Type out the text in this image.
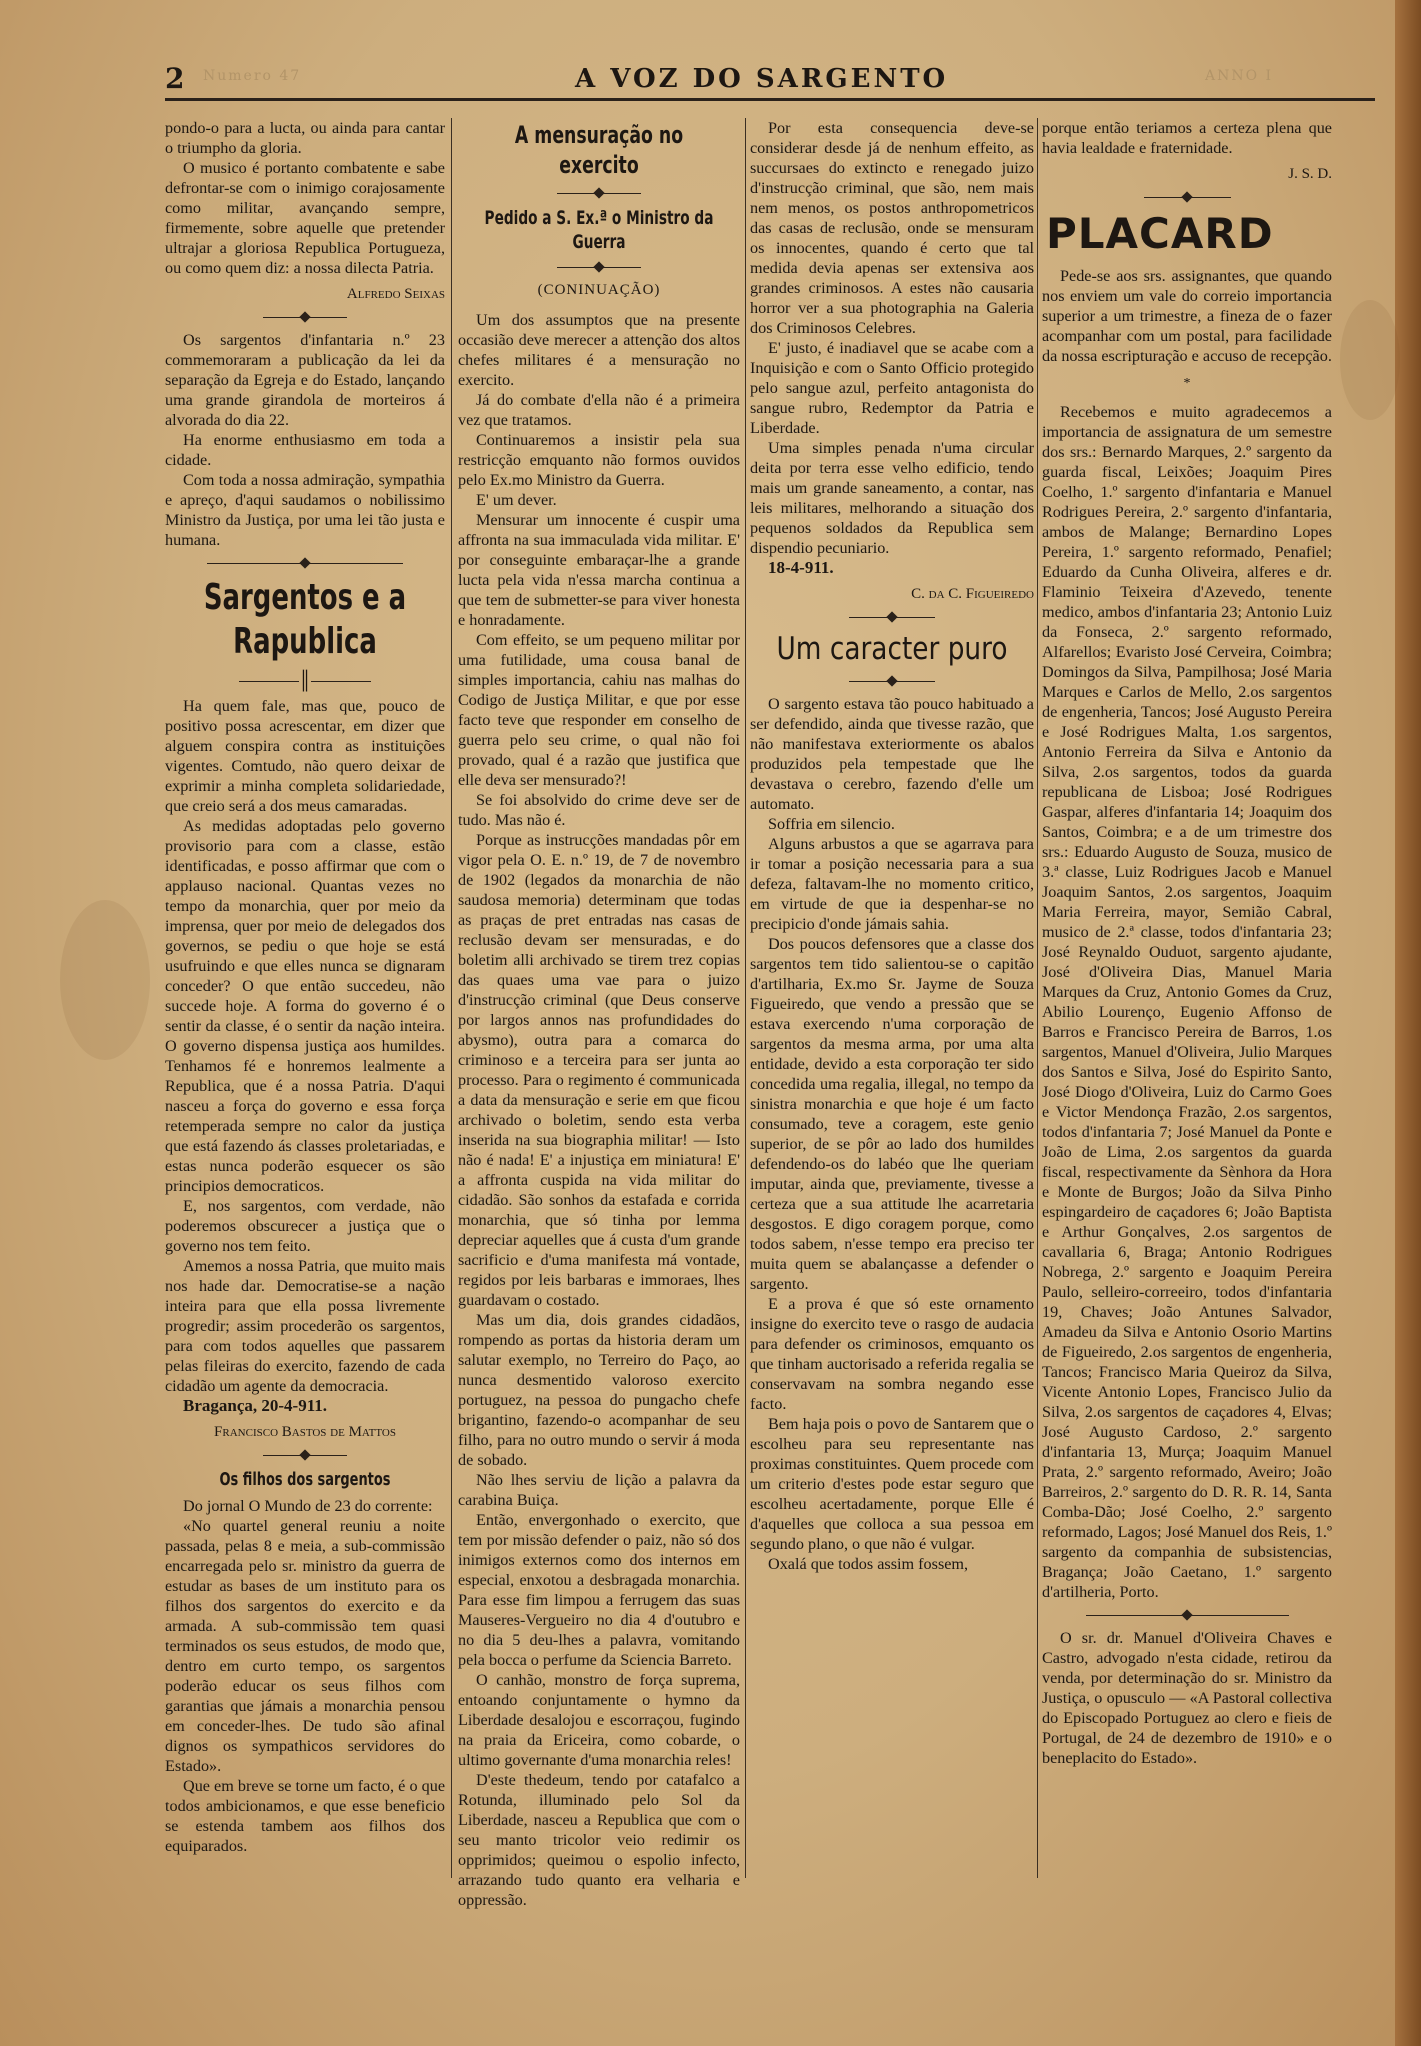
2 Numero 47	A VOZ DO SARGENTO	ANNO I

pondo-o para a lucta, ou ainda para cantar o triumpho da gloria.

O musico é portanto combatente e sabe defrontar-se com o inimigo corajosamente como militar, avançando sempre, firmemente, sobre aquelle que pretender ultrajar a gloriosa Republica Portugueza, ou como quem diz: a nossa dilecta Patria.

Alfredo Seixas

Os sargentos d'infantaria n.º 23 commemoraram a publicação da lei da separação da Egreja e do Estado, lançando uma grande girandola de morteiros á alvorada do dia 22.

Ha enorme enthusiasmo em toda a cidade.

Com toda a nossa admiração, sympathia e apreço, d'aqui saudamos o nobilissimo Ministro da Justiça, por uma lei tão justa e humana.

Sargentos e a Rapublica
║

Ha quem fale, mas que, pouco de positivo possa acrescentar, em dizer que alguem conspira contra as instituições vigentes. Comtudo, não quero deixar de exprimir a minha completa solidariedade, que creio será a dos meus camaradas.

As medidas adoptadas pelo governo provisorio para com a classe, estão identificadas, e posso affirmar que com o applauso nacional. Quantas vezes no tempo da monarchia, quer por meio da imprensa, quer por meio de delegados dos governos, se pediu o que hoje se está usufruindo e que elles nunca se dignaram conceder? O que então succedeu, não succede hoje. A forma do governo é o sentir da classe, é o sentir da nação inteira. O governo dispensa justiça aos humildes. Tenhamos fé e honremos lealmente a Republica, que é a nossa Patria. D'aqui nasceu a força do governo e essa força retemperada sempre no calor da justiça que está fazendo ás classes proletariadas, e estas nunca poderão esquecer os são principios democraticos.

E, nos sargentos, com verdade, não poderemos obscurecer a justiça que o governo nos tem feito.

Amemos a nossa Patria, que muito mais nos hade dar. Democratise-se a nação inteira para que ella possa livremente progredir; assim procederão os sargentos, para com todos aquelles que passarem pelas fileiras do exercito, fazendo de cada cidadão um agente da democracia.

Bragança, 20-4-911.

Francisco Bastos de Mattos
Os filhos dos sargentos

Do jornal O Mundo de 23 do corrente:

«No quartel general reuniu a noite passada, pelas 8 e meia, a sub-commissão encarregada pelo sr. ministro da guerra de estudar as bases de um instituto para os filhos dos sargentos do exercito e da armada. A sub-commissão tem quasi terminados os seus estudos, de modo que, dentro em curto tempo, os sargentos poderão educar os seus filhos com garantias que jámais a monarchia pensou em conceder-lhes. De tudo são afinal dignos os sympathicos servidores do Estado».

Que em breve se torne um facto, é o que todos ambicionamos, e que esse beneficio se estenda tambem aos filhos dos equiparados.

A mensuração no exercito
Pedido a S. Ex.ª o Ministro da Guerra
(CONINUAÇÃO)

Um dos assumptos que na presente occasião deve merecer a attenção dos altos chefes militares é a mensuração no exercito.

Já do combate d'ella não é a primeira vez que tratamos.

Continuaremos a insistir pela sua restricção emquanto não formos ouvidos pelo Ex.mo Ministro da Guerra.

E' um dever.

Mensurar um innocente é cuspir uma affronta na sua immaculada vida militar. E' por conseguinte embaraçar-lhe a grande lucta pela vida n'essa marcha continua a que tem de submetter-se para viver honesta e honradamente.

Com effeito, se um pequeno militar por uma futilidade, uma cousa banal de simples importancia, cahiu nas malhas do Codigo de Justiça Militar, e que por esse facto teve que responder em conselho de guerra pelo seu crime, o qual não foi provado, qual é a razão que justifica que elle deva ser mensurado?!

Se foi absolvido do crime deve ser de tudo. Mas não é.

Porque as instrucções mandadas pôr em vigor pela O. E. n.º 19, de 7 de novembro de 1902 (legados da monarchia de não saudosa memoria) determinam que todas as praças de pret entradas nas casas de reclusão devam ser mensuradas, e do boletim alli archivado se tirem trez copias das quaes uma vae para o juizo d'instrucção criminal (que Deus conserve por largos annos nas profundidades do abysmo), outra para a comarca do criminoso e a terceira para ser junta ao processo. Para o regimento é communicada a data da mensuração e serie em que ficou archivado o boletim, sendo esta verba inserida na sua biographia militar! — Isto não é nada! E' a injustiça em miniatura! E' a affronta cuspida na vida militar do cidadão. São sonhos da estafada e corrida monarchia, que só tinha por lemma depreciar aquelles que á custa d'um grande sacrificio e d'uma manifesta má vontade, regidos por leis barbaras e immoraes, lhes guardavam o costado.

Mas um dia, dois grandes cidadãos, rompendo as portas da historia deram um salutar exemplo, no Terreiro do Paço, ao nunca desmentido valoroso exercito portuguez, na pessoa do pungacho chefe brigantino, fazendo-o acompanhar de seu filho, para no outro mundo o servir á moda de sobado.

Não lhes serviu de lição a palavra da carabina Buiça.

Então, envergonhado o exercito, que tem por missão defender o paiz, não só dos inimigos externos como dos internos em especial, enxotou a desbragada monarchia. Para esse fim limpou a ferrugem das suas Mauseres-Vergueiro no dia 4 d'outubro e no dia 5 deu-lhes a palavra, vomitando pela bocca o perfume da Sciencia Barreto.

O canhão, monstro de força suprema, entoando conjuntamente o hymno da Liberdade desalojou e escorraçou, fugindo na praia da Ericeira, como cobarde, o ultimo governante d'uma monarchia reles!

D'este thedeum, tendo por catafalco a Rotunda, illuminado pelo Sol da Liberdade, nasceu a Republica que com o seu manto tricolor veio redimir os opprimidos; queimou o espolio infecto, arrazando tudo quanto era velharia e oppressão.

Por esta consequencia deve-se considerar desde já de nenhum effeito, as succursaes do extincto e renegado juizo d'instrucção criminal, que são, nem mais nem menos, os postos anthropometricos das casas de reclusão, onde se mensuram os innocentes, quando é certo que tal medida devia apenas ser extensiva aos grandes criminosos. A estes não causaria horror ver a sua photographia na Galeria dos Criminosos Celebres.

E' justo, é inadiavel que se acabe com a Inquisição e com o Santo Officio protegido pelo sangue azul, perfeito antagonista do sangue rubro, Redemptor da Patria e Liberdade.

Uma simples penada n'uma circular deita por terra esse velho edificio, tendo mais um grande saneamento, a contar, nas leis militares, melhorando a situação dos pequenos soldados da Republica sem dispendio pecuniario.

18-4-911.

C. da C. Figueiredo
Um caracter puro

O sargento estava tão pouco habituado a ser defendido, ainda que tivesse razão, que não manifestava exteriormente os abalos produzidos pela tempestade que lhe devastava o cerebro, fazendo d'elle um automato.

Soffria em silencio.

Alguns arbustos a que se agarrava para ir tomar a posição necessaria para a sua defeza, faltavam-lhe no momento critico, em virtude de que ia despenhar-se no precipicio d'onde jámais sahia.

Dos poucos defensores que a classe dos sargentos tem tido salientou-se o capitão d'artilharia, Ex.mo Sr. Jayme de Souza Figueiredo, que vendo a pressão que se estava exercendo n'uma corporação de sargentos da mesma arma, por uma alta entidade, devido a esta corporação ter sido concedida uma regalia, illegal, no tempo da sinistra monarchia e que hoje é um facto consumado, teve a coragem, este genio superior, de se pôr ao lado dos humildes defendendo-os do labéo que lhe queriam imputar, ainda que, previamente, tivesse a certeza que a sua attitude lhe acarretaria desgostos. E digo coragem porque, como todos sabem, n'esse tempo era preciso ter muita quem se abalançasse a defender o sargento.

E a prova é que só este ornamento insigne do exercito teve o rasgo de audacia para defender os criminosos, emquanto os que tinham auctorisado a referida regalia se conservavam na sombra negando esse facto.

Bem haja pois o povo de Santarem que o escolheu para seu representante nas proximas constituintes. Quem procede com um criterio d'estes pode estar seguro que escolheu acertadamente, porque Elle é d'aquelles que colloca a sua pessoa em segundo plano, o que não é vulgar.

Oxalá que todos assim fossem,

porque então teriamos a certeza plena que havia lealdade e fraternidade.

J. S. D.
PLACARD

Pede-se aos srs. assignantes, que quando nos enviem um vale do correio importancia superior a um trimestre, a fineza de o fazer acompanhar com um postal, para facilidade da nossa escripturação e accuso de recepção.

*

Recebemos e muito agradecemos a importancia de assignatura de um semestre dos srs.: Bernardo Marques, 2.º sargento da guarda fiscal, Leixões; Joaquim Pires Coelho, 1.º sargento d'infantaria e Manuel Rodrigues Pereira, 2.º sargento d'infantaria, ambos de Malange; Bernardino Lopes Pereira, 1.º sargento reformado, Penafiel; Eduardo da Cunha Oliveira, alferes e dr. Flaminio Teixeira d'Azevedo, tenente medico, ambos d'infantaria 23; Antonio Luiz da Fonseca, 2.º sargento reformado, Alfarellos; Evaristo José Cerveira, Coimbra; Domingos da Silva, Pampilhosa; José Maria Marques e Carlos de Mello, 2.os sargentos de engenheria, Tancos; José Augusto Pereira e José Rodrigues Malta, 1.os sargentos, Antonio Ferreira da Silva e Antonio da Silva, 2.os sargentos, todos da guarda republicana de Lisboa; José Rodrigues Gaspar, alferes d'infantaria 14; Joaquim dos Santos, Coimbra; e a de um trimestre dos srs.: Eduardo Augusto de Souza, musico de 3.ª classe, Luiz Rodrigues Jacob e Manuel Joaquim Santos, 2.os sargentos, Joaquim Maria Ferreira, mayor, Semião Cabral, musico de 2.ª classe, todos d'infantaria 23; José Reynaldo Ouduot, sargento ajudante, José d'Oliveira Dias, Manuel Maria Marques da Cruz, Antonio Gomes da Cruz, Abilio Lourenço, Eugenio Affonso de Barros e Francisco Pereira de Barros, 1.os sargentos, Manuel d'Oliveira, Julio Marques dos Santos e Silva, José do Espirito Santo, José Diogo d'Oliveira, Luiz do Carmo Goes e Victor Mendonça Frazão, 2.os sargentos, todos d'infantaria 7; José Manuel da Ponte e João de Lima, 2.os sargentos da guarda fiscal, respectivamente da Sènhora da Hora e Monte de Burgos; João da Silva Pinho espingardeiro de caçadores 6; João Baptista e Arthur Gonçalves, 2.os sargentos de cavallaria 6, Braga; Antonio Rodrigues Nobrega, 2.º sargento e Joaquim Pereira Paulo, selleiro-correeiro, todos d'infantaria 19, Chaves; João Antunes Salvador, Amadeu da Silva e Antonio Osorio Martins de Figueiredo, 2.os sargentos de engenheria, Tancos; Francisco Maria Queiroz da Silva, Vicente Antonio Lopes, Francisco Julio da Silva, 2.os sargentos de caçadores 4, Elvas; José Augusto Cardoso, 2.º sargento d'infantaria 13, Murça; Joaquim Manuel Prata, 2.º sargento reformado, Aveiro; João Barreiros, 2.º sargento do D. R. R. 14, Santa Comba-Dão; José Coelho, 2.º sargento reformado, Lagos; José Manuel dos Reis, 1.º sargento da companhia de subsistencias, Bragança; João Caetano, 1.º sargento d'artilheria, Porto.

O sr. dr. Manuel d'Oliveira Chaves e Castro, advogado n'esta cidade, retirou da venda, por determinação do sr. Ministro da Justiça, o opusculo — «A Pastoral collectiva do Episcopado Portuguez ao clero e fieis de Portugal, de 24 de dezembro de 1910» e o beneplacito do Estado».
